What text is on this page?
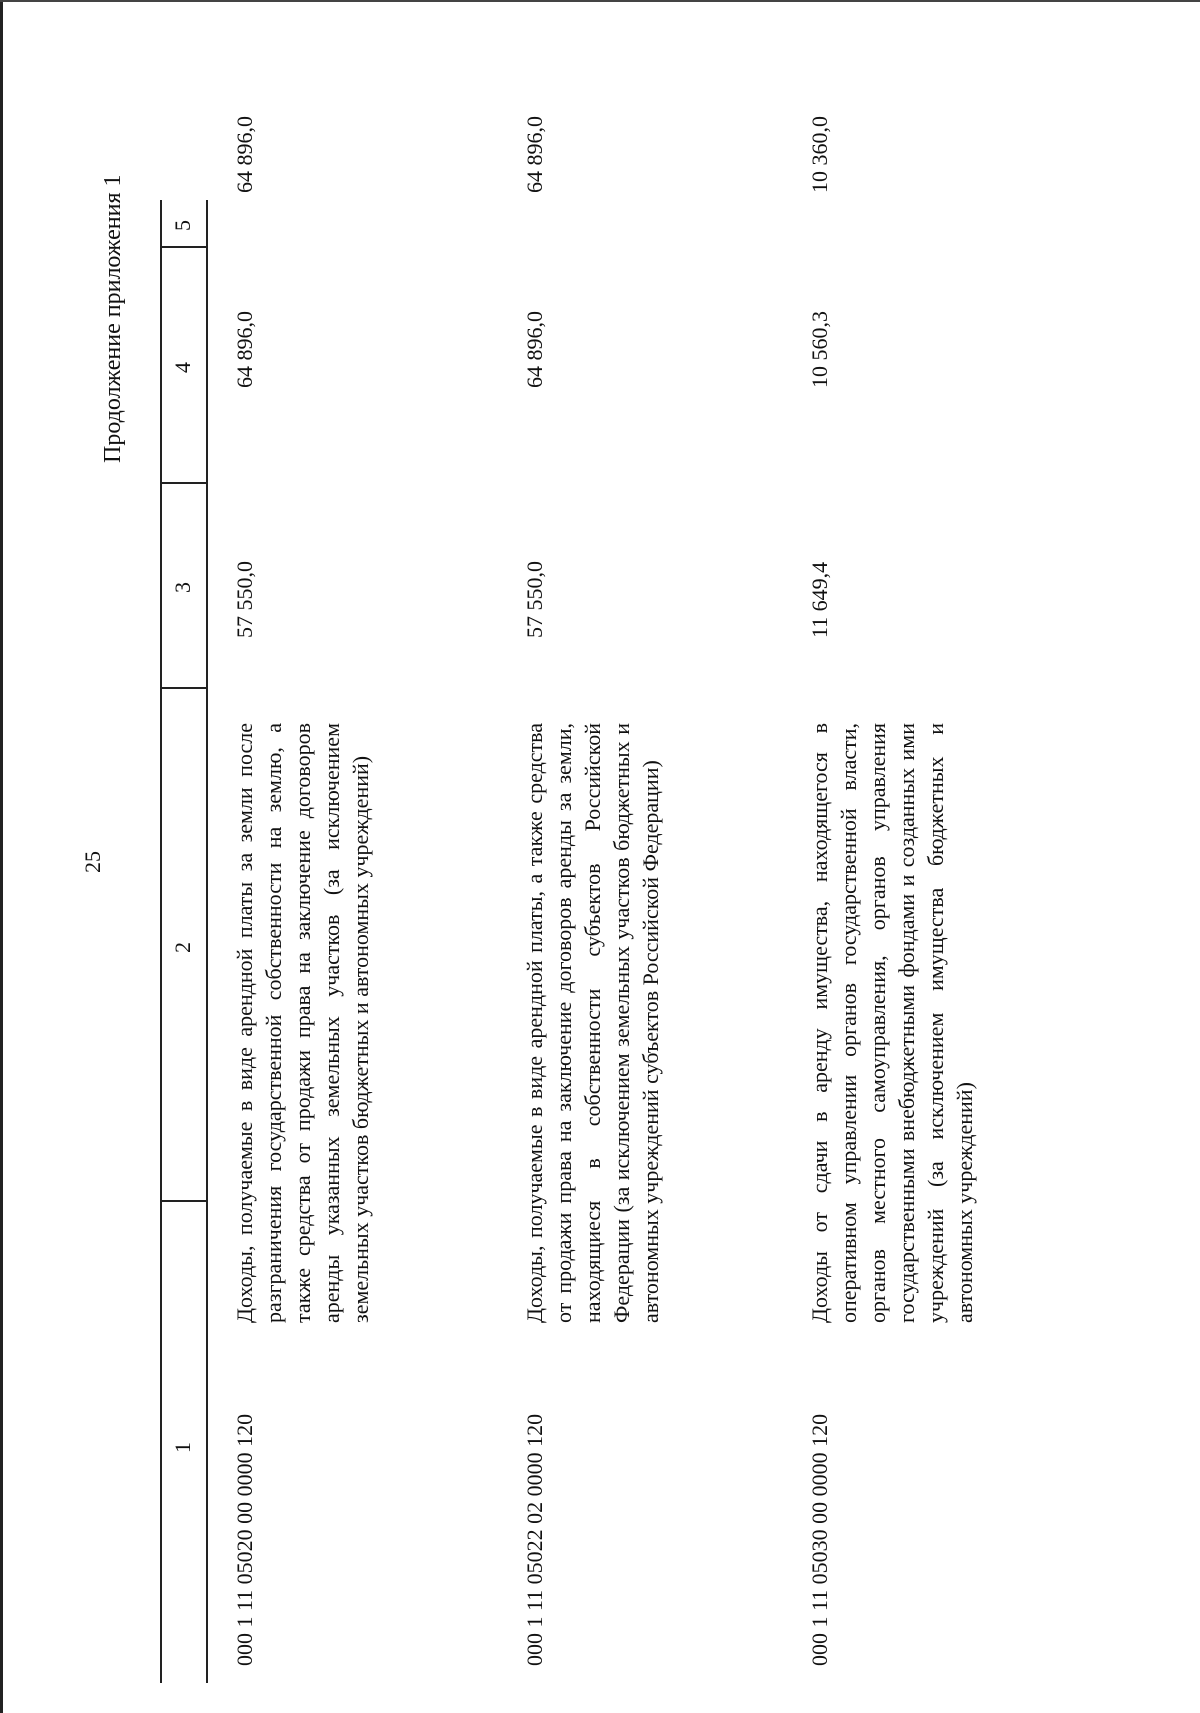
25
Продолжение приложения 1
1
2
3
4
5
000 1 11 05020 00 0000 120
Доходы, получаемые в виде арендной платы за земли после разграничения государственной собственности на землю, а также средства от продажи права на заключение договоров аренды указанных земельных участков (за исключением земельных участков бюджетных и автономных учреждений)
57 550,0
64 896,0
64 896,0
000 1 11 05022 02 0000 120
Доходы, получаемые в виде арендной платы, а также средства от продажи права на заключение договоров аренды за земли, находящиеся в собственности субъектов Российской Федерации (за исключением земельных участков бюджетных и автономных учреждений субъектов Российской Федерации)
57 550,0
64 896,0
64 896,0
000 1 11 05030 00 0000 120
Доходы от сдачи в аренду имущества, находящегося в оперативном управлении органов государственной власти, органов местного самоуправления, органов управления государственными внебюджетными фондами и созданных ими учреждений (за исключением имущества бюджетных и автономных учреждений)
11 649,4
10 560,3
10 360,0
